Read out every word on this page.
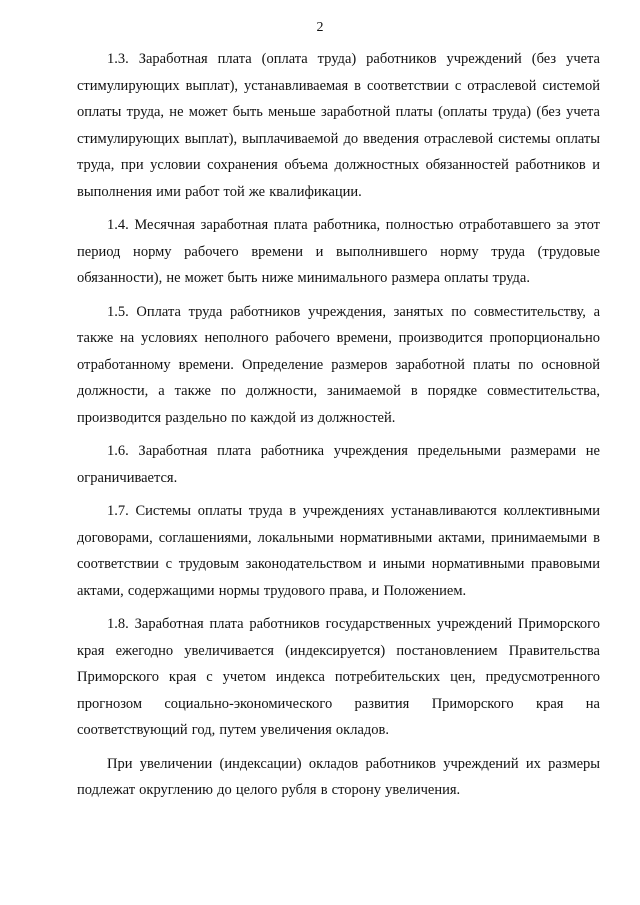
2

1.3. Заработная плата (оплата труда) работников учреждений (без учета стимулирующих выплат), устанавливаемая в соответствии с отраслевой системой оплаты труда, не может быть меньше заработной платы (оплаты труда) (без учета стимулирующих выплат), выплачиваемой до введения отраслевой системы оплаты труда, при условии сохранения объема должностных обязанностей работников и выполнения ими работ той же квалификации.

1.4. Месячная заработная плата работника, полностью отработавшего за этот период норму рабочего времени и выполнившего норму труда (трудовые обязанности), не может быть ниже минимального размера оплаты труда.

1.5. Оплата труда работников учреждения, занятых по совместительству, а также на условиях неполного рабочего времени, производится пропорционально отработанному времени. Определение размеров заработной платы по основной должности, а также по должности, занимаемой в порядке совместительства, производится раздельно по каждой из должностей.

1.6. Заработная плата работника учреждения предельными размерами не ограничивается.

1.7. Системы оплаты труда в учреждениях устанавливаются коллективными договорами, соглашениями, локальными нормативными актами, принимаемыми в соответствии с трудовым законодательством и иными нормативными правовыми актами, содержащими нормы трудового права, и Положением.

1.8. Заработная плата работников государственных учреждений Приморского края ежегодно увеличивается (индексируется) постановлением Правительства Приморского края с учетом индекса потребительских цен, предусмотренного прогнозом социально-экономического развития Приморского края на соответствующий год, путем увеличения окладов.

При увеличении (индексации) окладов работников учреждений их размеры подлежат округлению до целого рубля в сторону увеличения.
